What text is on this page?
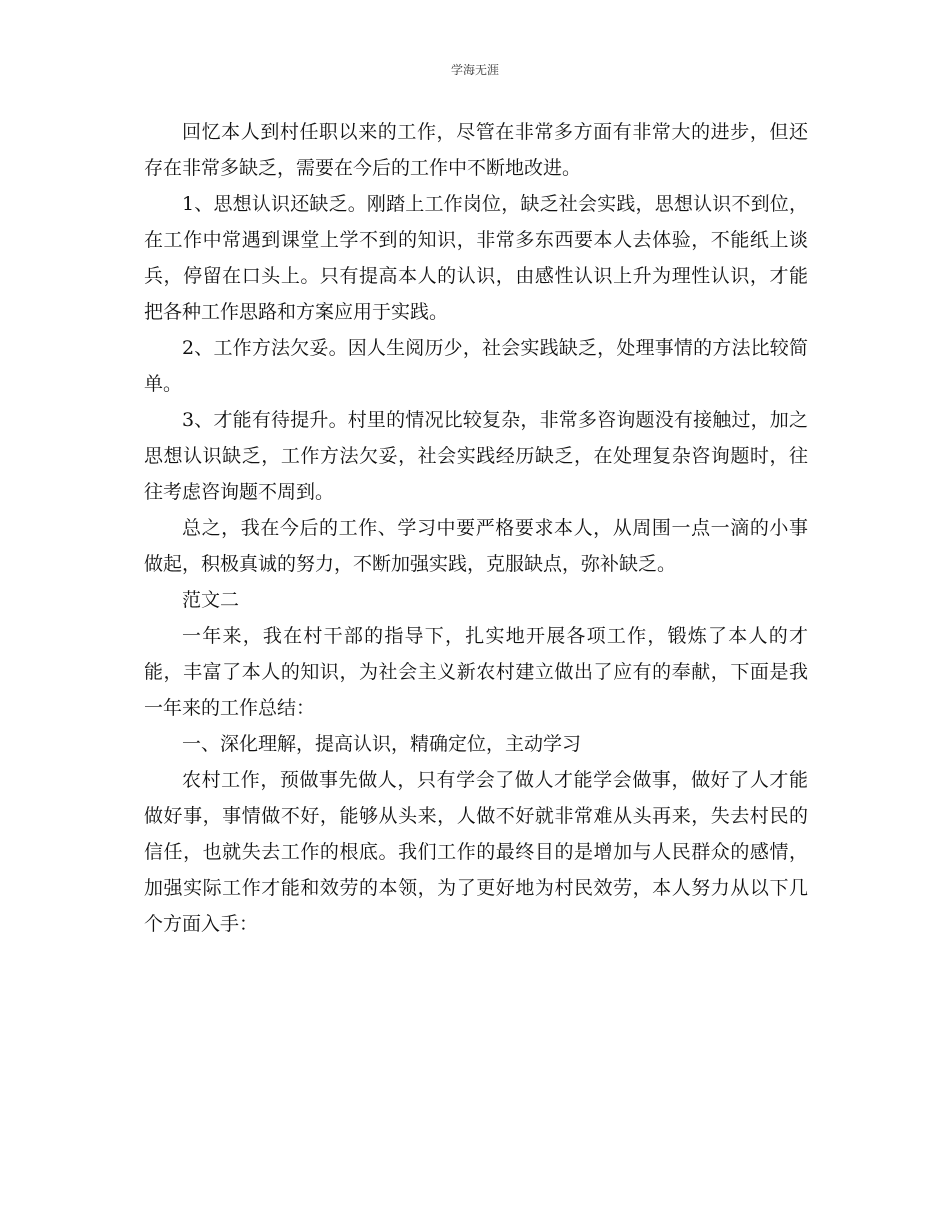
学海无涯

回忆本人到村任职以来的工作，尽管在非常多方面有非常大的进步，但还存在非常多缺乏，需要在今后的工作中不断地改进。

1、思想认识还缺乏。刚踏上工作岗位，缺乏社会实践，思想认识不到位，在工作中常遇到课堂上学不到的知识，非常多东西要本人去体验，不能纸上谈兵，停留在口头上。只有提高本人的认识，由感性认识上升为理性认识，才能把各种工作思路和方案应用于实践。

2、工作方法欠妥。因人生阅历少，社会实践缺乏，处理事情的方法比较简单。

3、才能有待提升。村里的情况比较复杂，非常多咨询题没有接触过，加之思想认识缺乏，工作方法欠妥，社会实践经历缺乏，在处理复杂咨询题时，往往考虑咨询题不周到。

总之，我在今后的工作、学习中要严格要求本人，从周围一点一滴的小事做起，积极真诚的努力，不断加强实践，克服缺点，弥补缺乏。

范文二

一年来，我在村干部的指导下，扎实地开展各项工作，锻炼了本人的才能，丰富了本人的知识，为社会主义新农村建立做出了应有的奉献，下面是我一年来的工作总结：

一、深化理解，提高认识，精确定位，主动学习

农村工作，预做事先做人，只有学会了做人才能学会做事，做好了人才能做好事，事情做不好，能够从头来，人做不好就非常难从头再来，失去村民的信任，也就失去工作的根底。我们工作的最终目的是增加与人民群众的感情，加强实际工作才能和效劳的本领，为了更好地为村民效劳，本人努力从以下几个方面入手：
